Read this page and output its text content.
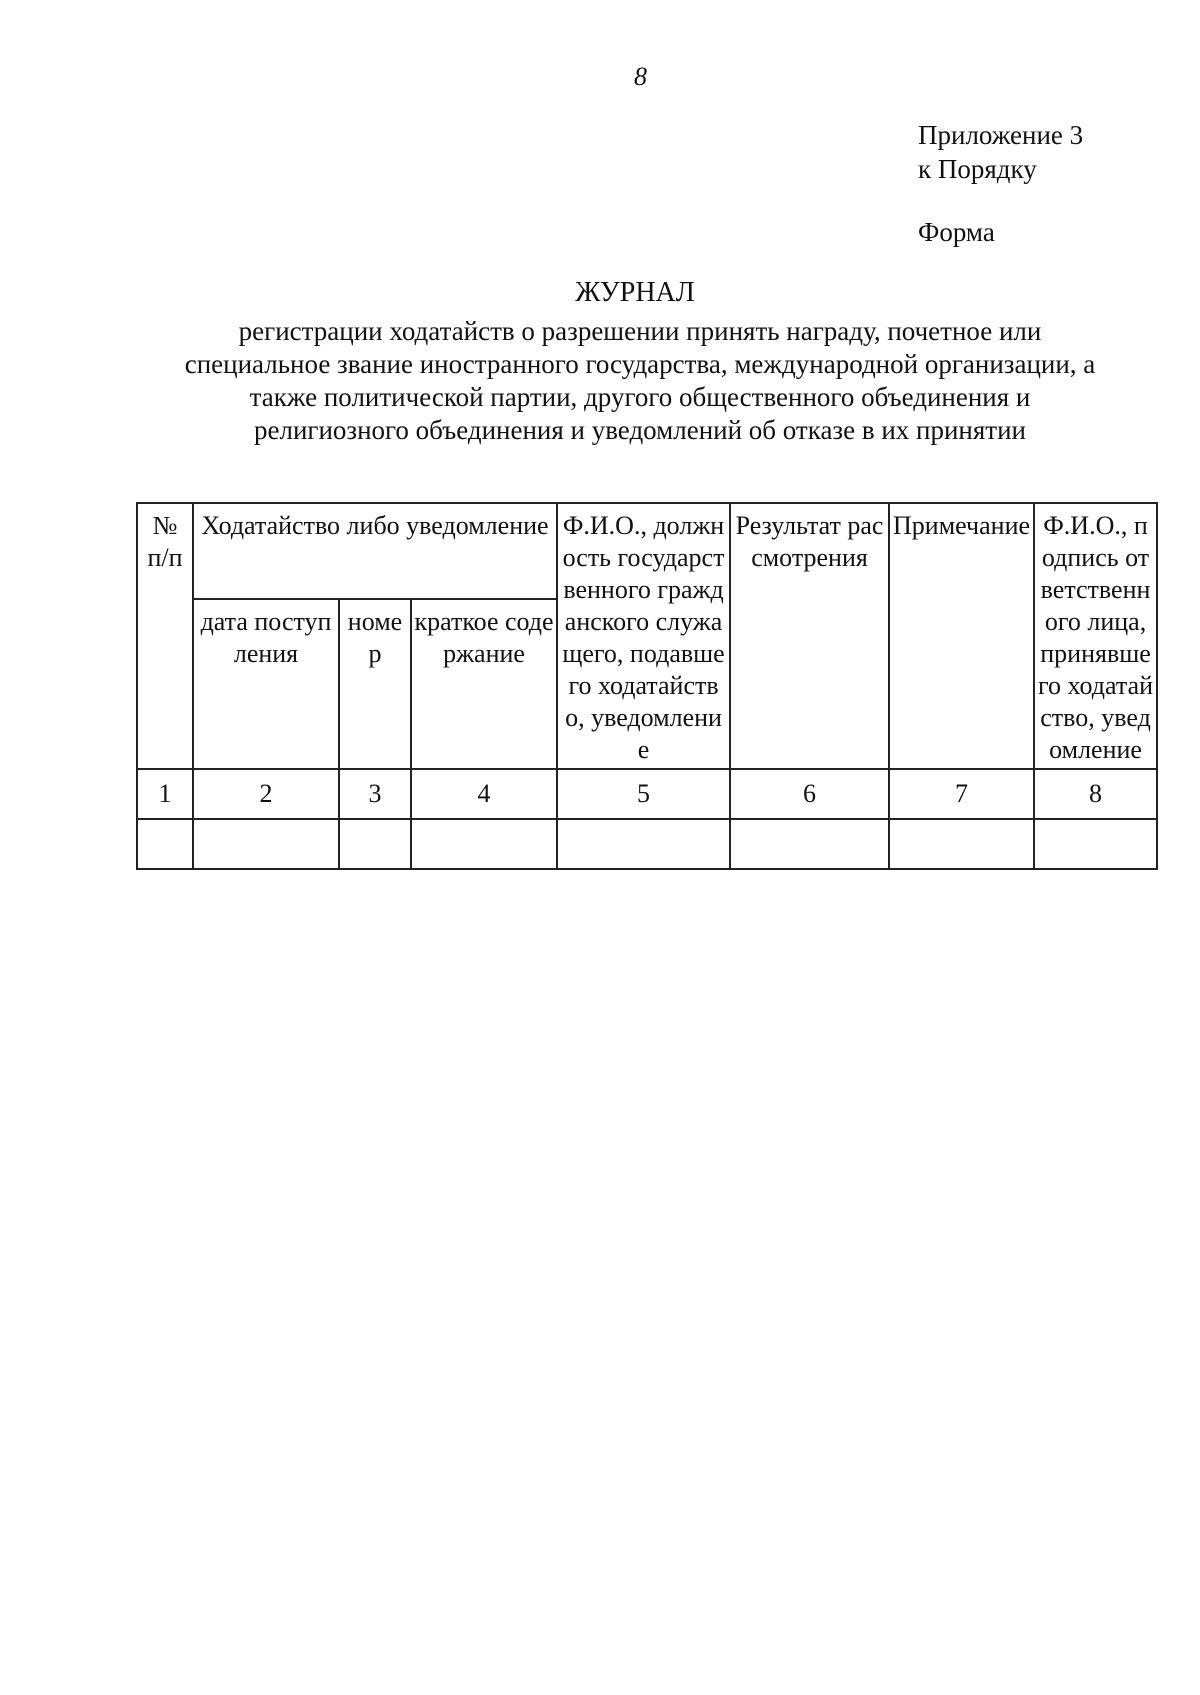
8
Приложение 3
к Порядку
Форма
ЖУРНАЛ
регистрации ходатайств о разрешении принять награду, почетное или
специальное звание иностранного государства, международной организации, а
также политической партии, другого общественного объединения и
религиозного объединения и уведомлений об отказе в их принятии
№ п/п	Ходатайство либо уведомление			Ф.И.О., должность государственного гражданского служащего, подавшего ходатайство, уведомление	Результат рассмотрения	Примечание	Ф.И.О., подпись ответственного лица, принявшего ходатайство, уведомление
	дата поступления	номер	краткое содержание				
1	2	3	4	5	6	7	8
